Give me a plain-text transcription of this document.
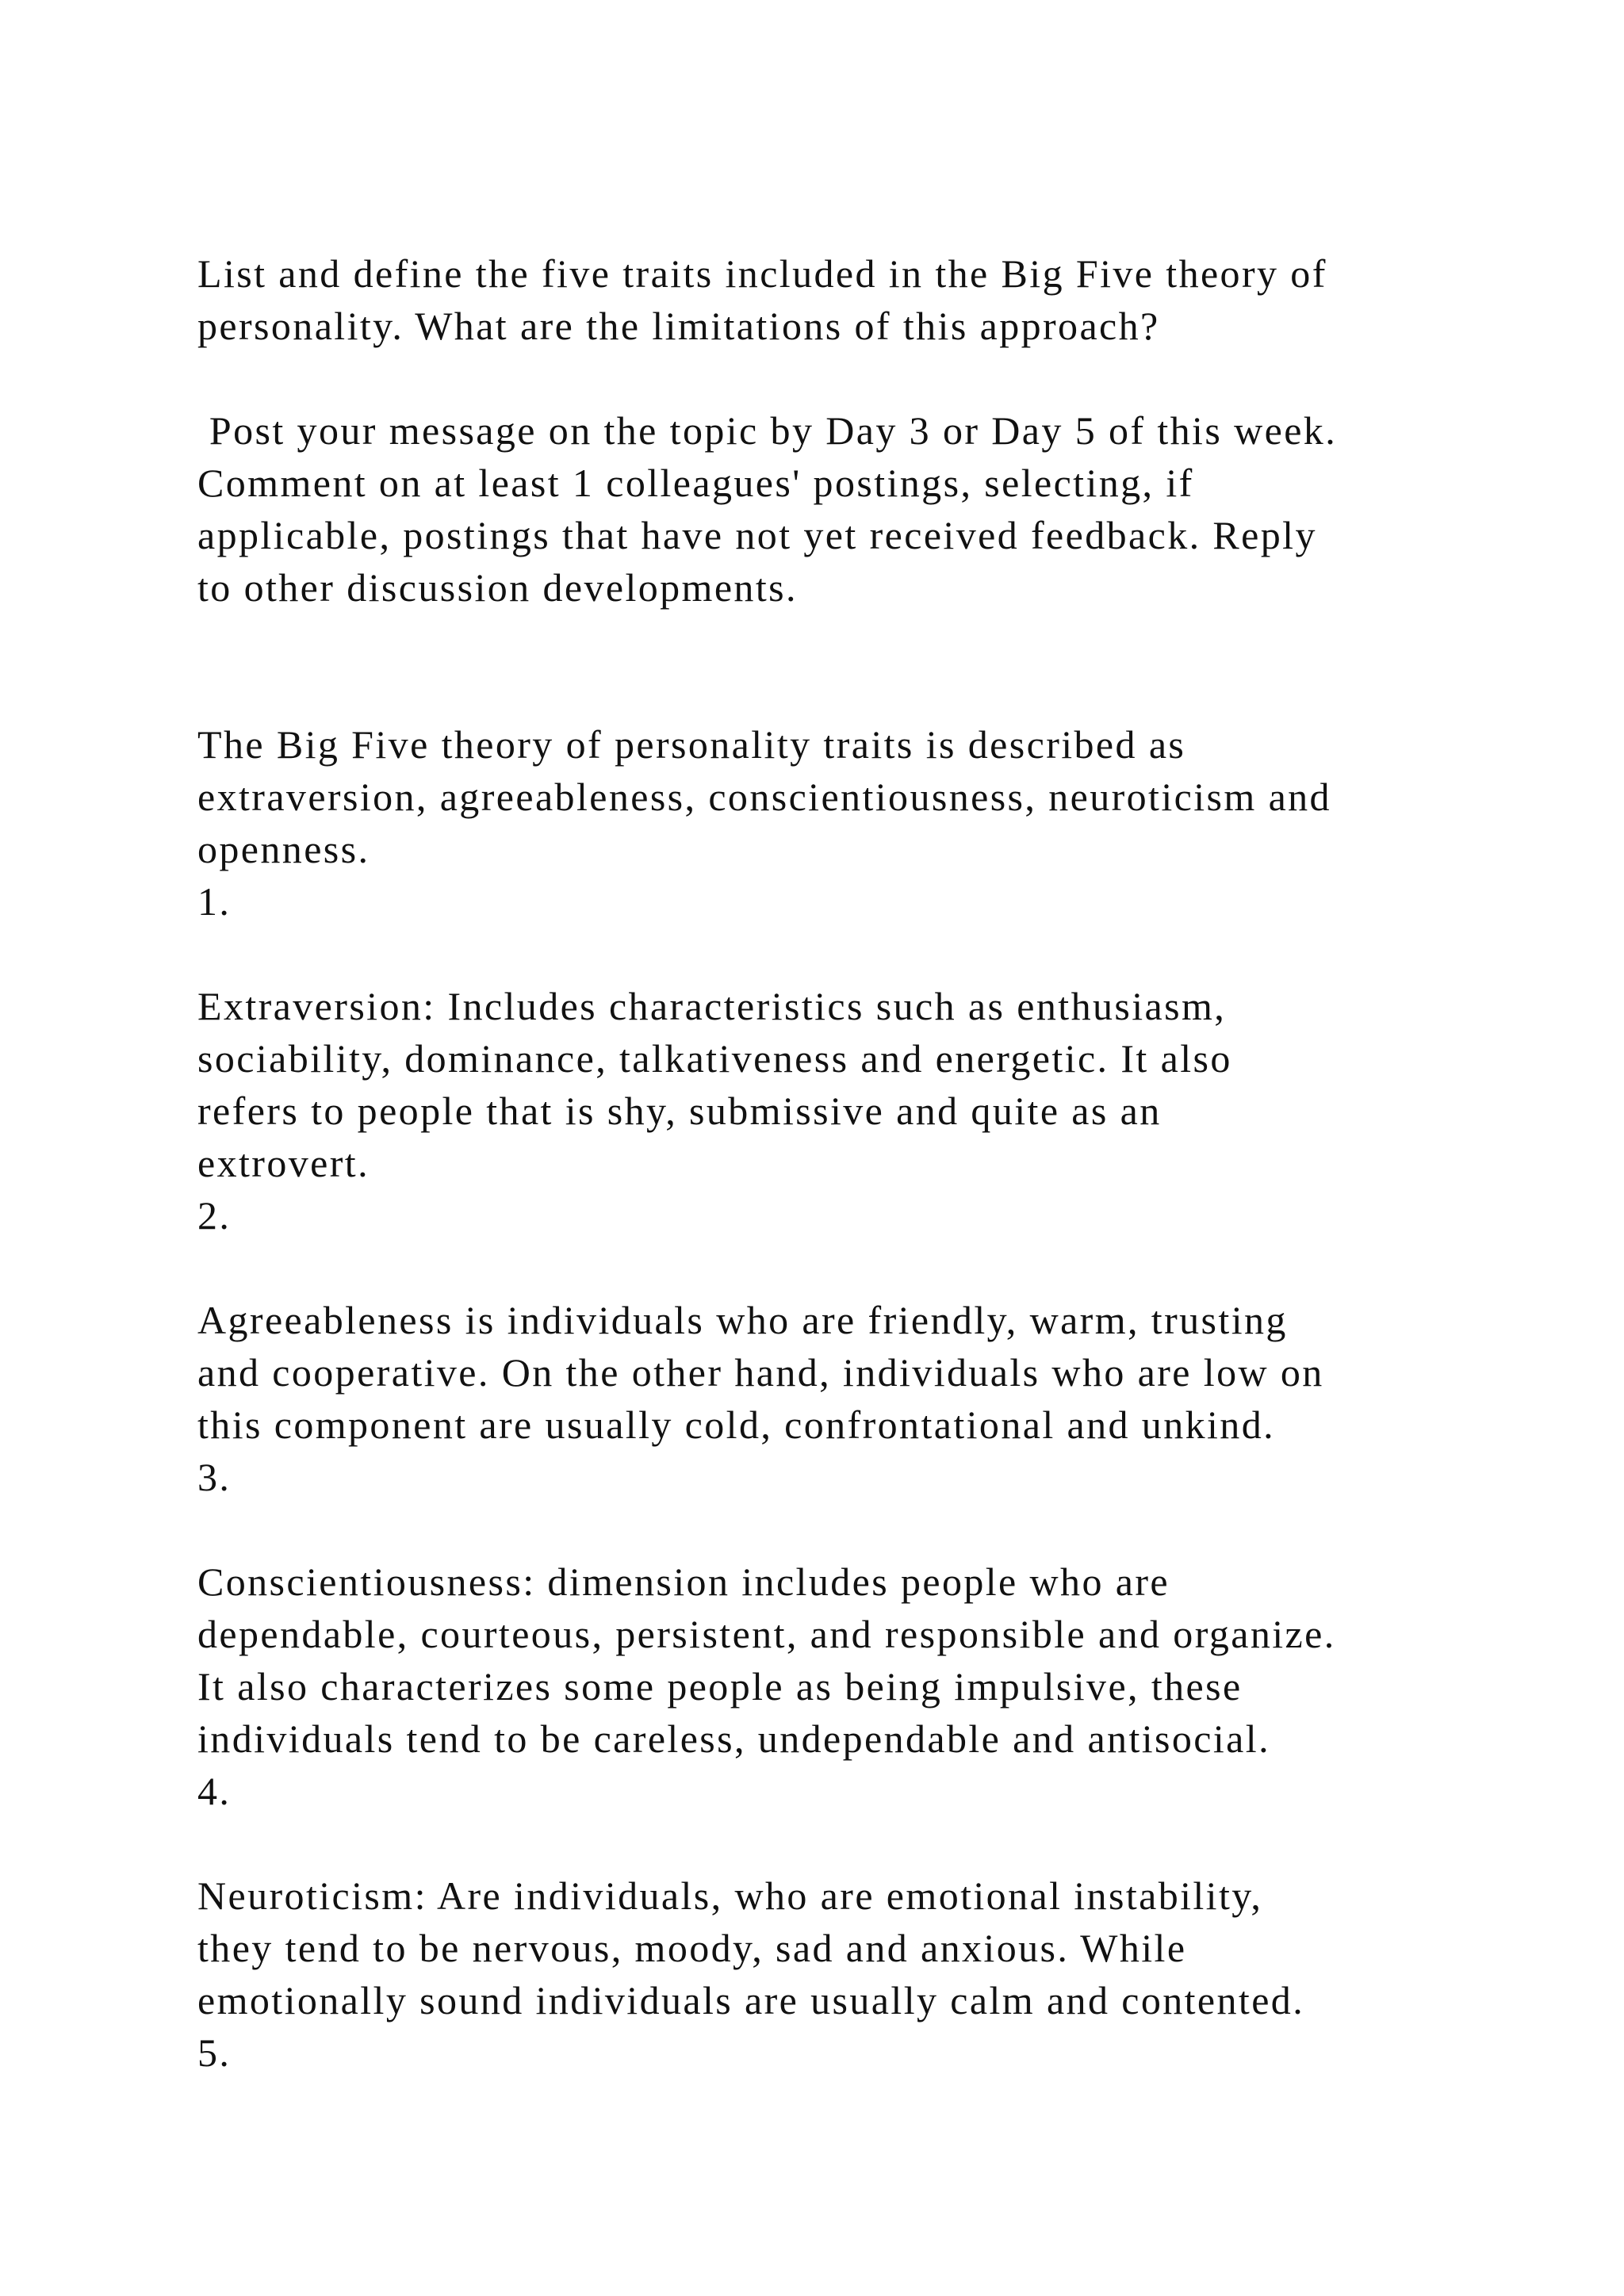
List and define the five traits included in the Big Five theory of
personality. What are the limitations of this approach?
Post your message on the topic by Day 3 or Day 5 of this week.
Comment on at least 1 colleagues' postings, selecting, if
applicable, postings that have not yet received feedback. Reply
to other discussion developments.
The Big Five theory of personality traits is described as
extraversion, agreeableness, conscientiousness, neuroticism and
openness.
1.
Extraversion: Includes characteristics such as enthusiasm,
sociability, dominance, talkativeness and energetic. It also
refers to people that is shy, submissive and quite as an
extrovert.
2.
Agreeableness is individuals who are friendly, warm, trusting
and cooperative. On the other hand, individuals who are low on
this component are usually cold, confrontational and unkind.
3.
Conscientiousness: dimension includes people who are
dependable, courteous, persistent, and responsible and organize.
It also characterizes some people as being impulsive, these
individuals tend to be careless, undependable and antisocial.
4.
Neuroticism: Are individuals, who are emotional instability,
they tend to be nervous, moody, sad and anxious. While
emotionally sound individuals are usually calm and contented.
5.
